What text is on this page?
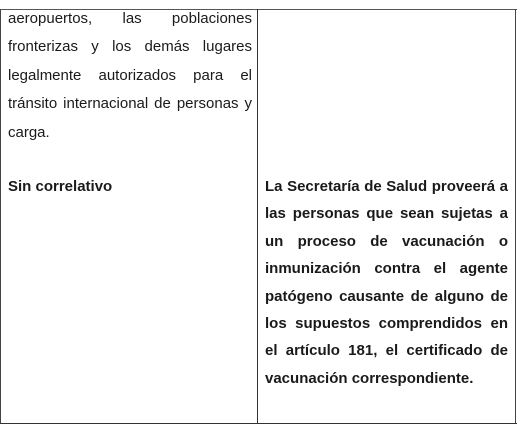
aeropuertos, las poblaciones fronterizas y los demás lugares legalmente autorizados para el tránsito internacional de personas y carga.

Sin correlativo	La Secretaría de Salud proveerá a las personas que sean sujetas a un proceso de vacunación o inmunización contra el agente patógeno causante de alguno de los supuestos comprendidos en el artículo 181, el certificado de vacunación correspondiente.
